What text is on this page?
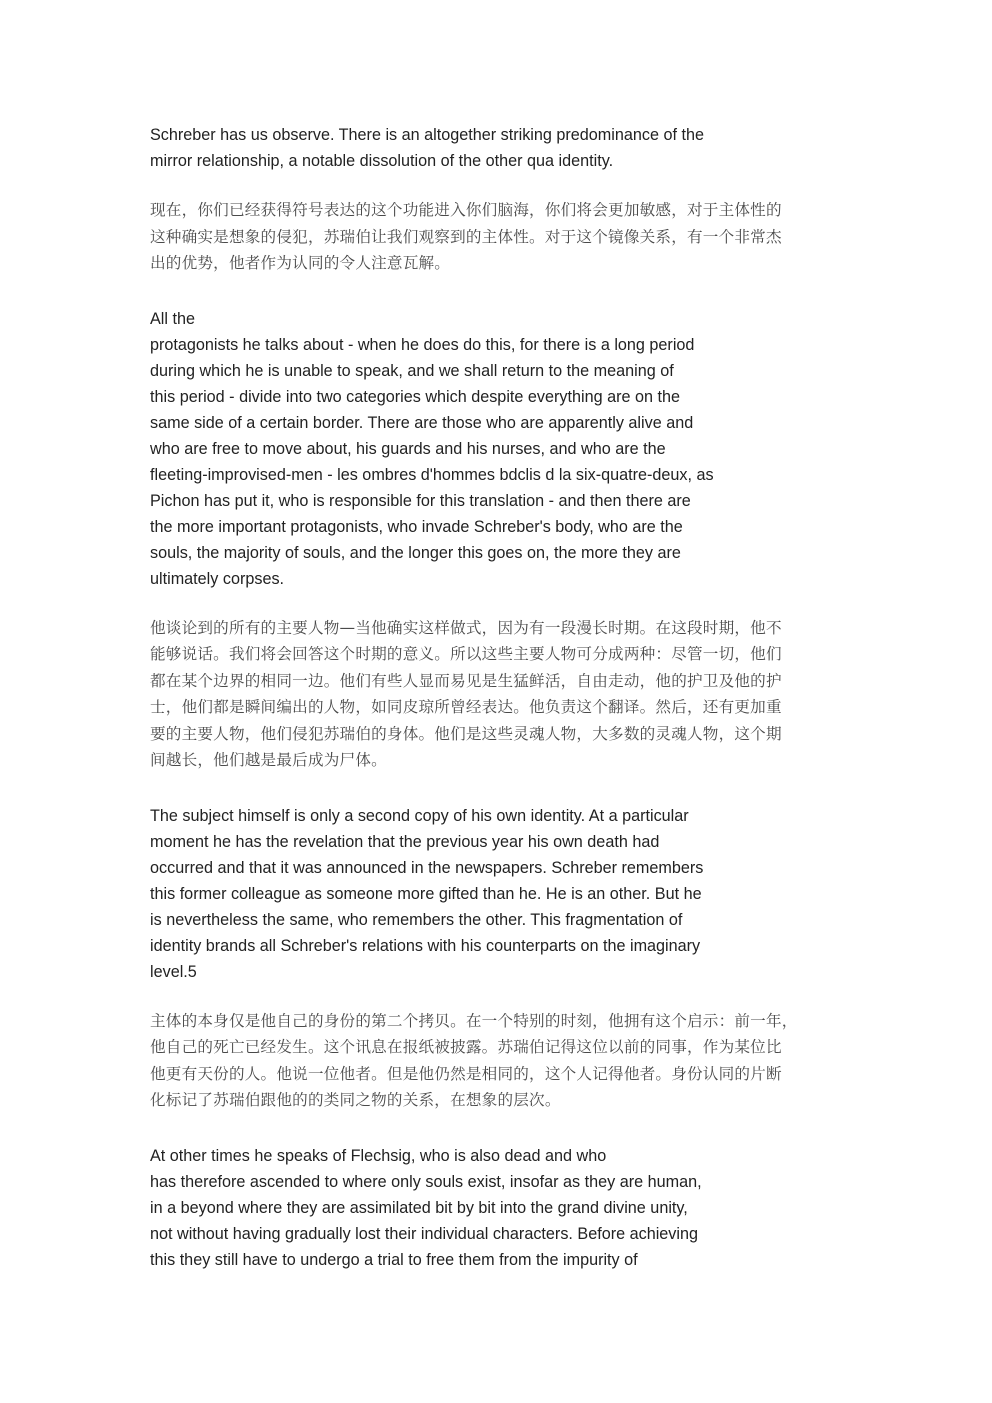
Schreber has us observe. There is an altogether striking predominance of the
mirror relationship, a notable dissolution of the other qua identity.

现在，你们已经获得符号表达的这个功能进入你们脑海，你们将会更加敏感，对于主体性的
这种确实是想象的侵犯，苏瑞伯让我们观察到的主体性。对于这个镜像关系，有一个非常杰
出的优势，他者作为认同的令人注意瓦解。

All the
protagonists he talks about - when he does do this, for there is a long period
during which he is unable to speak, and we shall return to the meaning of
this period - divide into two categories which despite everything are on the
same side of a certain border. There are those who are apparently alive and
who are free to move about, his guards and his nurses, and who are the
fleeting-improvised-men - les ombres d'hommes bdclis d la six-quatre-deux, as
Pichon has put it, who is responsible for this translation - and then there are
the more important protagonists, who invade Schreber's body, who are the
souls, the majority of souls, and the longer this goes on, the more they are
ultimately corpses.

他谈论到的所有的主要人物—当他确实这样做式，因为有一段漫长时期。在这段时期，他不
能够说话。我们将会回答这个时期的意义。所以这些主要人物可分成两种：尽管一切，他们
都在某个边界的相同一边。他们有些人显而易见是生猛鲜活，自由走动，他的护卫及他的护
士，他们都是瞬间编出的人物，如同皮琼所曾经表达。他负责这个翻译。然后，还有更加重
要的主要人物，他们侵犯苏瑞伯的身体。他们是这些灵魂人物，大多数的灵魂人物，这个期
间越长，他们越是最后成为尸体。

The subject himself is only a second copy of his own identity. At a particular
moment he has the revelation that the previous year his own death had
occurred and that it was announced in the newspapers. Schreber remembers
this former colleague as someone more gifted than he. He is an other. But he
is nevertheless the same, who remembers the other. This fragmentation of
identity brands all Schreber's relations with his counterparts on the imaginary
level.5

主体的本身仅是他自己的身份的第二个拷贝。在一个特别的时刻，他拥有这个启示：前一年，
他自己的死亡已经发生。这个讯息在报纸被披露。苏瑞伯记得这位以前的同事，作为某位比
他更有天份的人。他说一位他者。但是他仍然是相同的，这个人记得他者。身份认同的片断
化标记了苏瑞伯跟他的的类同之物的关系，在想象的层次。

At other times he speaks of Flechsig, who is also dead and who
has therefore ascended to where only souls exist, insofar as they are human,
in a beyond where they are assimilated bit by bit into the grand divine unity,
not without having gradually lost their individual characters. Before achieving
this they still have to undergo a trial to free them from the impurity of
